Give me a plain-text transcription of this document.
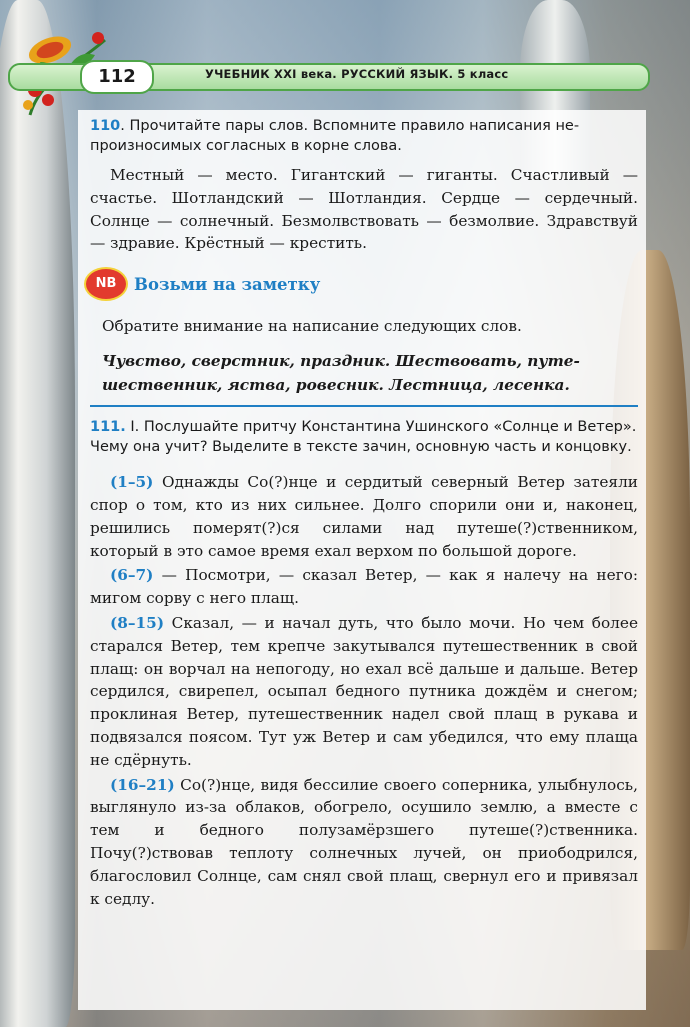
112	УЧЕБНИК XXI века. РУССКИЙ ЯЗЫК. 5 класс

110. Прочитайте пары слов. Вспомните правило написания непроизносимых согласных в корне слова.

Местный — место. Гигантский — гиганты. Счастливый — счастье. Шотландский — Шотландия. Сердце — сердечный. Солнце — солнечный. Безмолвствовать — безмолвие. Здравствуй — здравие. Крёстный — крестить.

NB	Возьми на заметку

Обратите внимание на написание следующих слов.

Чувство, сверстник, праздник. Шествовать, путешественник, яства, ровесник. Лестница, лесенка.

111. I. Послушайте притчу Константина Ушинского «Солнце и Ветер». Чему она учит? Выделите в тексте зачин, основную часть и концовку.

(1–5) Однажды Со(?)нце и сердитый северный Ветер затеяли спор о том, кто из них сильнее. Долго спорили они и, наконец, решились померят(?)ся силами над путеше(?)ственником, который в это самое время ехал верхом по большой дороге.

(6–7) — Посмотри, — сказал Ветер, — как я налечу на него: мигом сорву с него плащ.

(8–15) Сказал, — и начал дуть, что было мочи. Но чем более старался Ветер, тем крепче закутывался путешественник в свой плащ: он ворчал на непогоду, но ехал всё дальше и дальше. Ветер сердился, свирепел, осыпал бедного путника дождём и снегом; проклиная Ветер, путешественник надел свой плащ в рукава и подвязался поясом. Тут уж Ветер и сам убедился, что ему плаща не сдёрнуть.

(16–21) Со(?)нце, видя бессилие своего соперника, улыбнулось, выглянуло из-за облаков, обогрело, осушило землю, а вместе с тем и бедного полузамёрзшего путеше(?)ственника. Почу(?)ствовав теплоту солнечных лучей, он приободрился, благословил Солнце, сам снял свой плащ, свернул его и привязал к седлу.
